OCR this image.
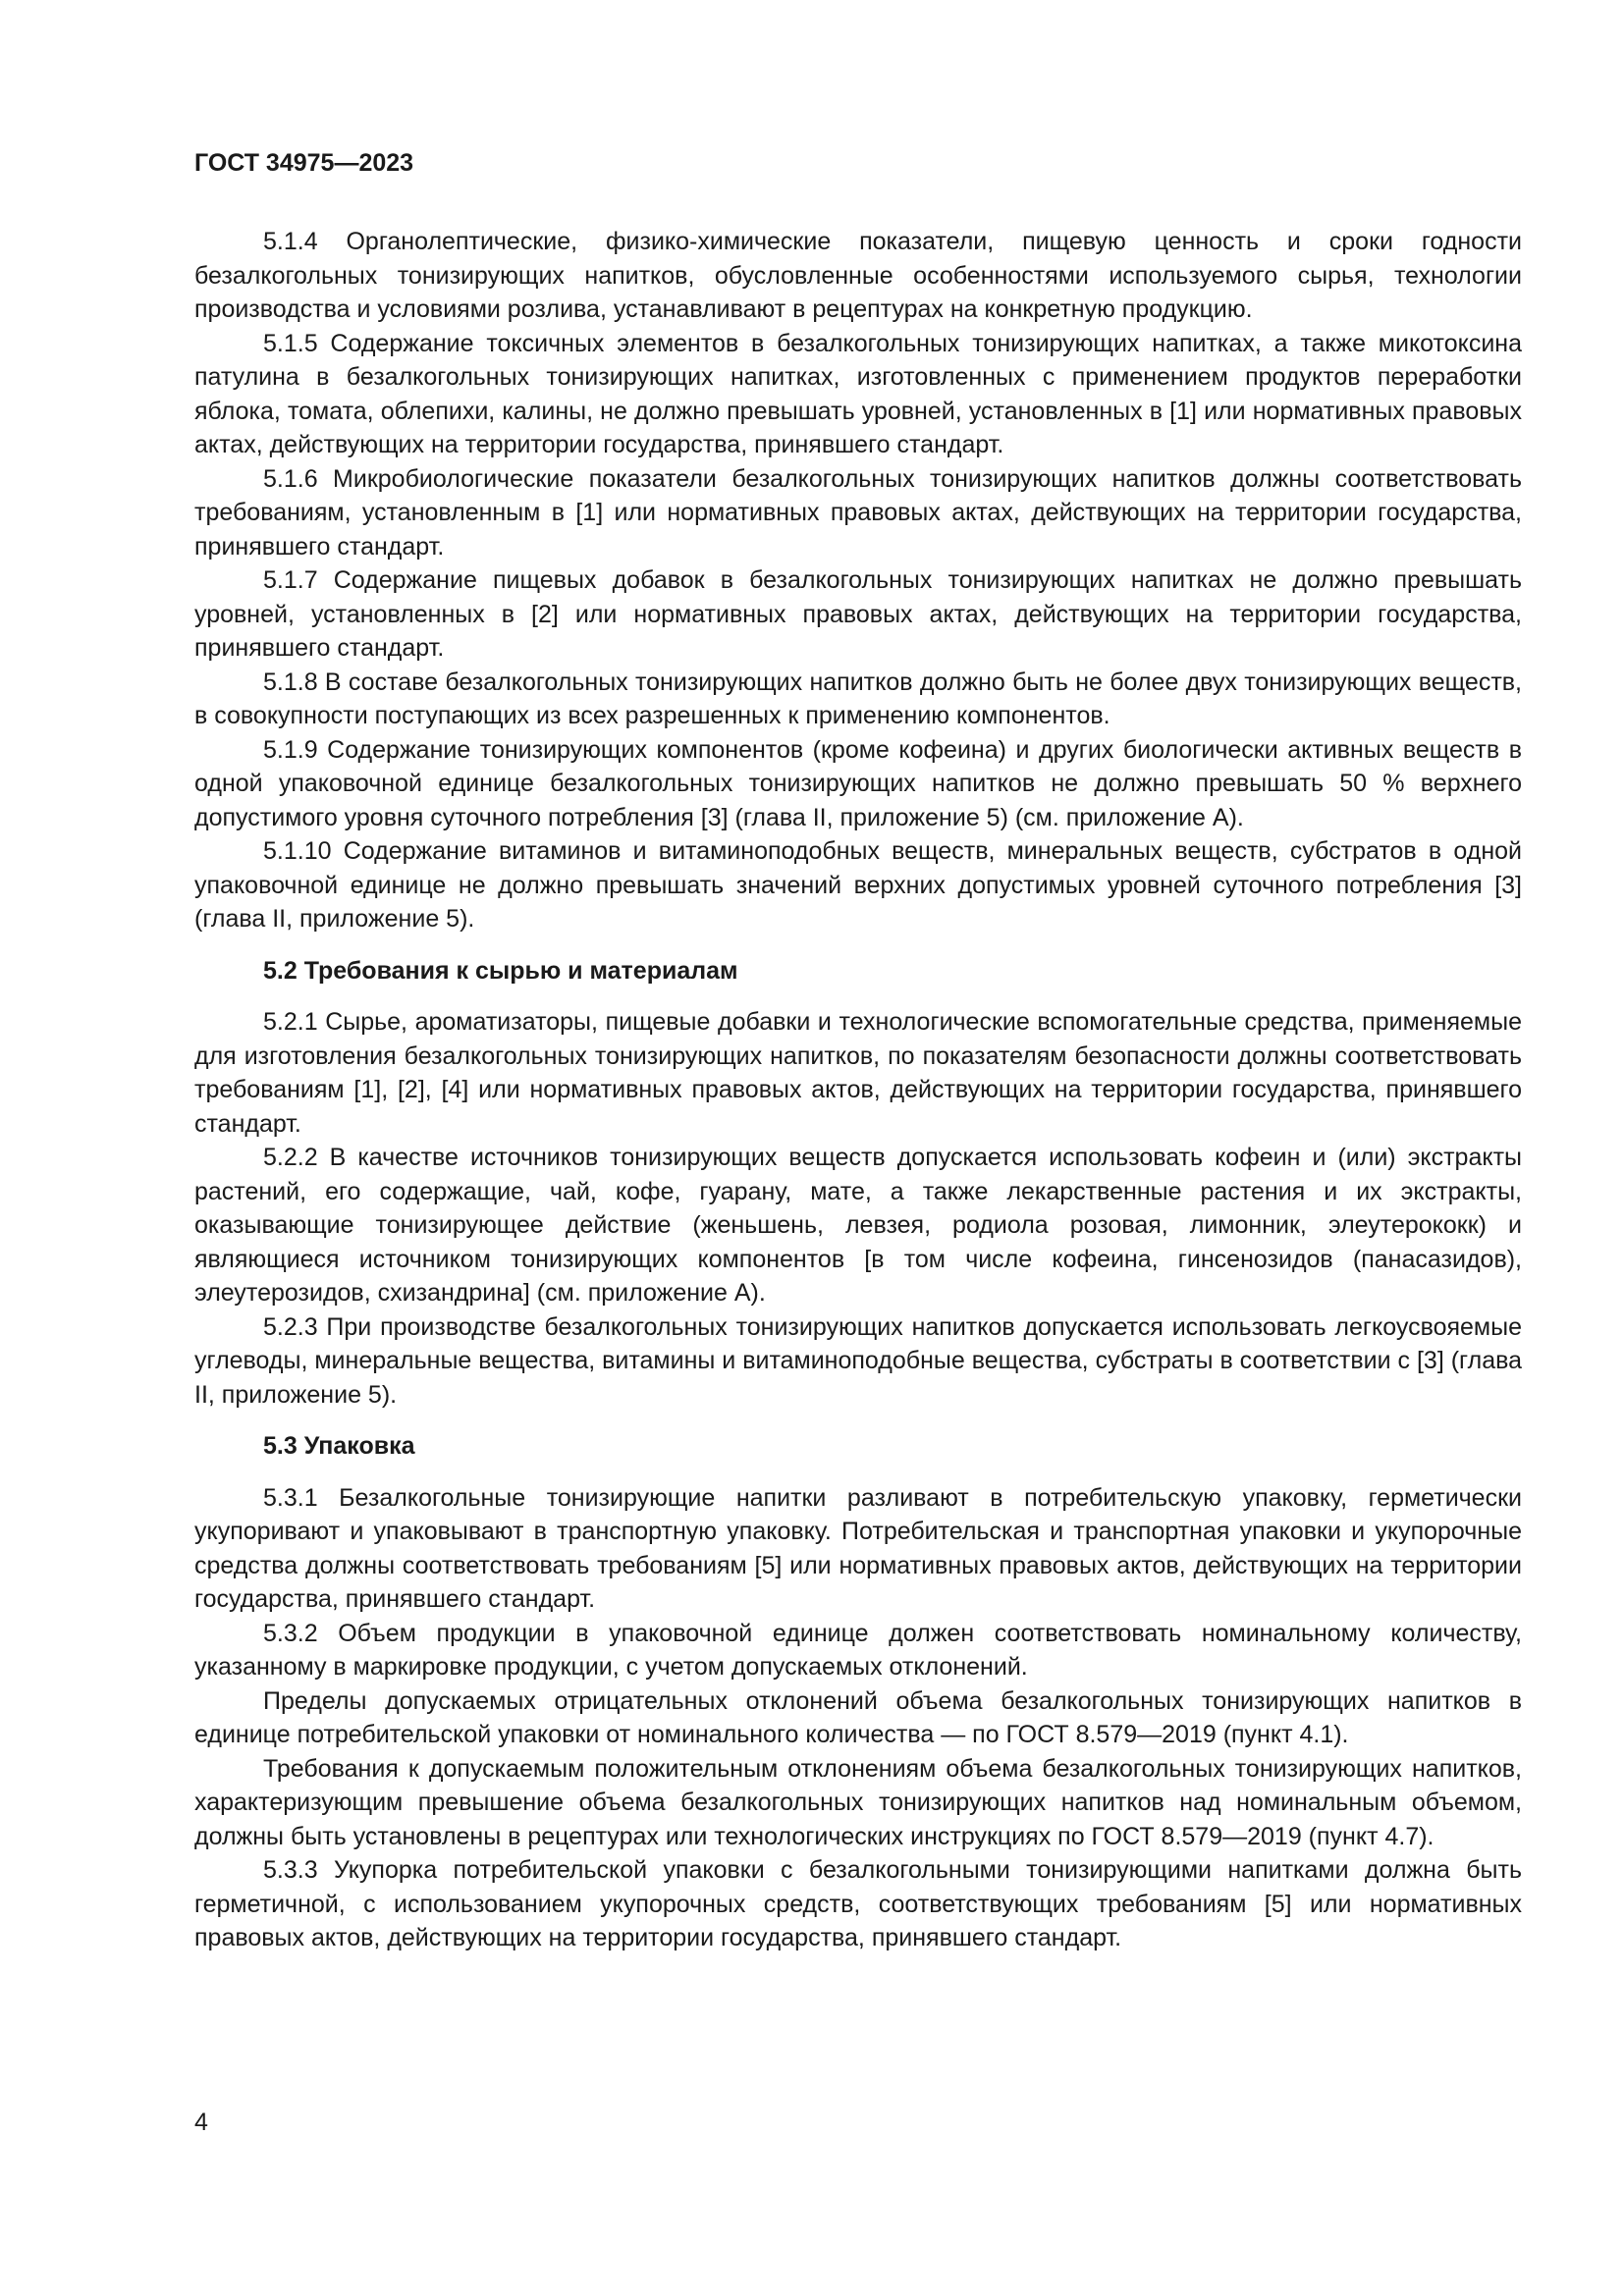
ГОСТ 34975—2023

5.1.4 Органолептические, физико-химические показатели, пищевую ценность и сроки годности безалкогольных тонизирующих напитков, обусловленные особенностями используемого сырья, технологии производства и условиями розлива, устанавливают в рецептурах на конкретную продукцию.

5.1.5 Содержание токсичных элементов в безалкогольных тонизирующих напитках, а также микотоксина патулина в безалкогольных тонизирующих напитках, изготовленных с применением продуктов переработки яблока, томата, облепихи, калины, не должно превышать уровней, установленных в [1] или нормативных правовых актах, действующих на территории государства, принявшего стандарт.

5.1.6 Микробиологические показатели безалкогольных тонизирующих напитков должны соответствовать требованиям, установленным в [1] или нормативных правовых актах, действующих на территории государства, принявшего стандарт.

5.1.7 Содержание пищевых добавок в безалкогольных тонизирующих напитках не должно превышать уровней, установленных в [2] или нормативных правовых актах, действующих на территории государства, принявшего стандарт.

5.1.8 В составе безалкогольных тонизирующих напитков должно быть не более двух тонизирующих веществ, в совокупности поступающих из всех разрешенных к применению компонентов.

5.1.9 Содержание тонизирующих компонентов (кроме кофеина) и других биологически активных веществ в одной упаковочной единице безалкогольных тонизирующих напитков не должно превышать 50 % верхнего допустимого уровня суточного потребления [3] (глава II, приложение 5) (см. приложение А).

5.1.10 Содержание витаминов и витаминоподобных веществ, минеральных веществ, субстратов в одной упаковочной единице не должно превышать значений верхних допустимых уровней суточного потребления [3] (глава II, приложение 5).

5.2 Требования к сырью и материалам

5.2.1 Сырье, ароматизаторы, пищевые добавки и технологические вспомогательные средства, применяемые для изготовления безалкогольных тонизирующих напитков, по показателям безопасности должны соответствовать требованиям [1], [2], [4] или нормативных правовых актов, действующих на территории государства, принявшего стандарт.

5.2.2 В качестве источников тонизирующих веществ допускается использовать кофеин и (или) экстракты растений, его содержащие, чай, кофе, гуарану, мате, а также лекарственные растения и их экстракты, оказывающие тонизирующее действие (женьшень, левзея, родиола розовая, лимонник, элеутерококк) и являющиеся источником тонизирующих компонентов [в том числе кофеина, гинсенозидов (панасазидов), элеутерозидов, схизандрина] (см. приложение А).

5.2.3 При производстве безалкогольных тонизирующих напитков допускается использовать легкоусвояемые углеводы, минеральные вещества, витамины и витаминоподобные вещества, субстраты в соответствии с [3] (глава II, приложение 5).

5.3 Упаковка

5.3.1 Безалкогольные тонизирующие напитки разливают в потребительскую упаковку, герметически укупоривают и упаковывают в транспортную упаковку. Потребительская и транспортная упаковки и укупорочные средства должны соответствовать требованиям [5] или нормативных правовых актов, действующих на территории государства, принявшего стандарт.

5.3.2 Объем продукции в упаковочной единице должен соответствовать номинальному количеству, указанному в маркировке продукции, с учетом допускаемых отклонений.

Пределы допускаемых отрицательных отклонений объема безалкогольных тонизирующих напитков в единице потребительской упаковки от номинального количества — по ГОСТ 8.579—2019 (пункт 4.1).

Требования к допускаемым положительным отклонениям объема безалкогольных тонизирующих напитков, характеризующим превышение объема безалкогольных тонизирующих напитков над номинальным объемом, должны быть установлены в рецептурах или технологических инструкциях по ГОСТ 8.579—2019 (пункт 4.7).

5.3.3 Укупорка потребительской упаковки с безалкогольными тонизирующими напитками должна быть герметичной, с использованием укупорочных средств, соответствующих требованиям [5] или нормативных правовых актов, действующих на территории государства, принявшего стандарт.

4
